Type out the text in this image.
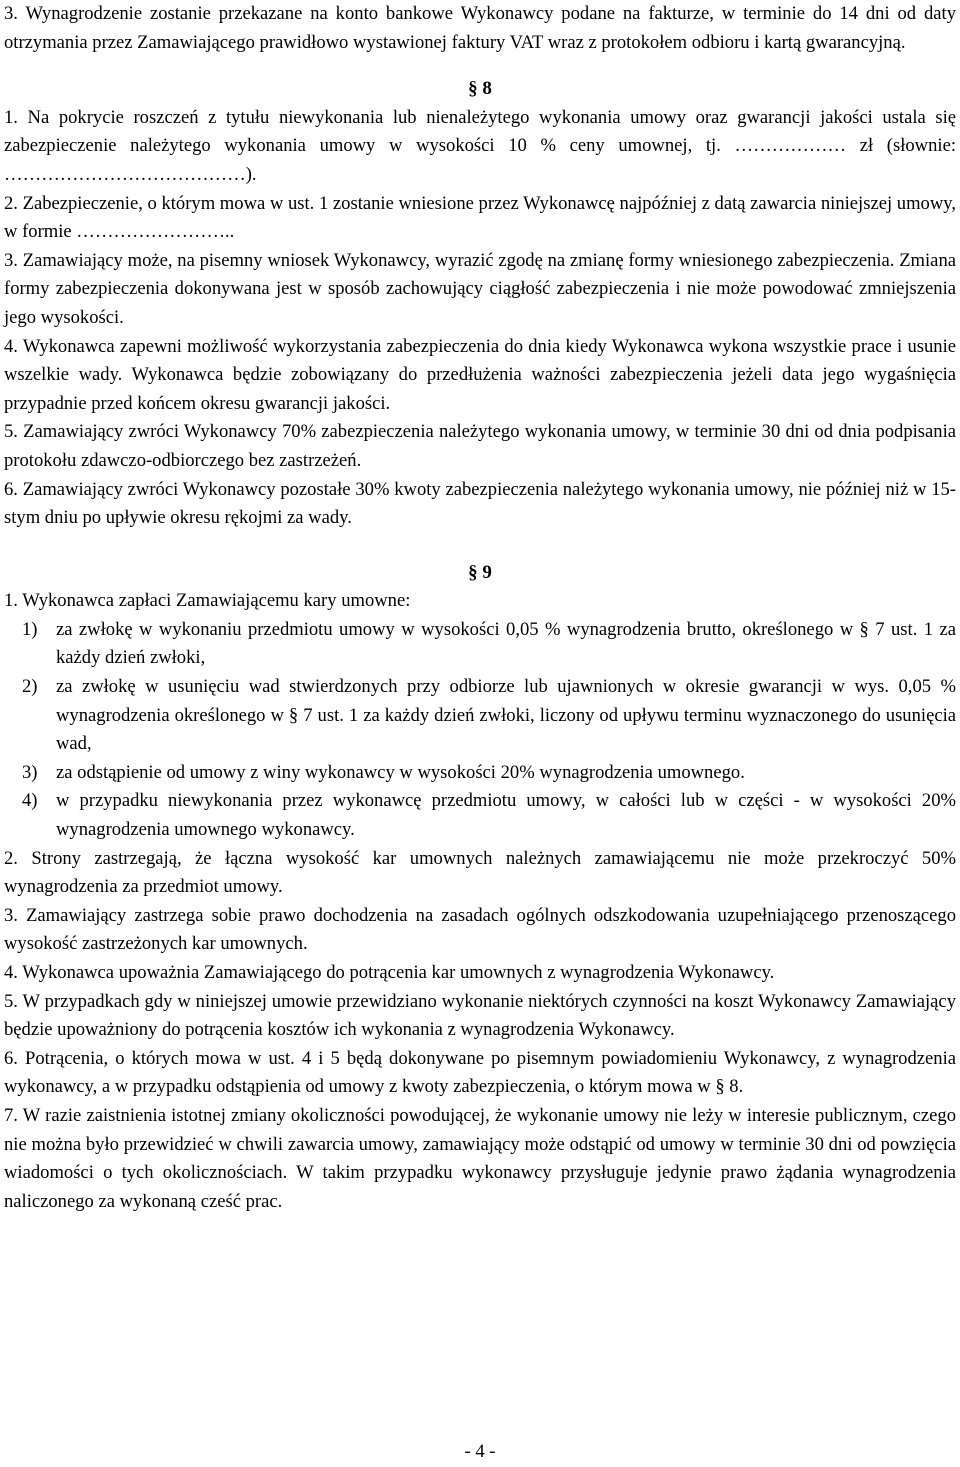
3. Wynagrodzenie zostanie przekazane na konto bankowe Wykonawcy podane na fakturze, w terminie do 14 dni od daty otrzymania przez Zamawiającego prawidłowo wystawionej faktury VAT wraz z protokołem odbioru i kartą gwarancyjną.

§ 8

1. Na pokrycie roszczeń z tytułu niewykonania lub nienależytego wykonania umowy oraz gwarancji jakości ustala się zabezpieczenie należytego wykonania umowy w wysokości 10 % ceny umownej, tj. ……………… zł (słownie: …………………………………).

2. Zabezpieczenie, o którym mowa w ust. 1 zostanie wniesione przez Wykonawcę najpóźniej z datą zawarcia niniejszej umowy, w formie ……………………..

3. Zamawiający może, na pisemny wniosek Wykonawcy, wyrazić zgodę na zmianę formy wniesionego zabezpieczenia. Zmiana formy zabezpieczenia dokonywana jest w sposób zachowujący ciągłość zabezpieczenia i nie może powodować zmniejszenia jego wysokości.

4. Wykonawca zapewni możliwość wykorzystania zabezpieczenia do dnia kiedy Wykonawca wykona wszystkie prace i usunie wszelkie wady. Wykonawca będzie zobowiązany do przedłużenia ważności zabezpieczenia jeżeli data jego wygaśnięcia przypadnie przed końcem okresu gwarancji jakości.

5. Zamawiający zwróci Wykonawcy 70% zabezpieczenia należytego wykonania umowy, w terminie 30 dni od dnia podpisania protokołu zdawczo-odbiorczego bez zastrzeżeń.

6. Zamawiający zwróci Wykonawcy pozostałe 30% kwoty zabezpieczenia należytego wykonania umowy, nie później niż w 15-stym dniu po upływie okresu rękojmi za wady.

§ 9

1. Wykonawca zapłaci Zamawiającemu kary umowne:

1) za zwłokę w wykonaniu przedmiotu umowy w wysokości 0,05 % wynagrodzenia brutto, określonego w § 7 ust. 1 za każdy dzień zwłoki,
2) za zwłokę w usunięciu wad stwierdzonych przy odbiorze lub ujawnionych w okresie gwarancji w wys. 0,05 % wynagrodzenia określonego w § 7 ust. 1 za każdy dzień zwłoki, liczony od upływu terminu wyznaczonego do usunięcia wad,
3) za odstąpienie od umowy z winy wykonawcy w wysokości 20% wynagrodzenia umownego.
4) w przypadku niewykonania przez wykonawcę przedmiotu umowy, w całości lub w części - w wysokości 20% wynagrodzenia umownego wykonawcy.

2. Strony zastrzegają, że łączna wysokość kar umownych należnych zamawiającemu nie może przekroczyć 50% wynagrodzenia za przedmiot umowy.

3. Zamawiający zastrzega sobie prawo dochodzenia na zasadach ogólnych odszkodowania uzupełniającego przenoszącego wysokość zastrzeżonych kar umownych.

4. Wykonawca upoważnia Zamawiającego do potrącenia kar umownych z wynagrodzenia Wykonawcy.

5. W przypadkach gdy w niniejszej umowie przewidziano wykonanie niektórych czynności na koszt Wykonawcy Zamawiający będzie upoważniony do potrącenia kosztów ich wykonania z wynagrodzenia Wykonawcy.

6. Potrącenia, o których mowa w ust. 4 i 5 będą dokonywane po pisemnym powiadomieniu Wykonawcy, z wynagrodzenia wykonawcy, a w przypadku odstąpienia od umowy z kwoty zabezpieczenia, o którym mowa w § 8.

7. W razie zaistnienia istotnej zmiany okoliczności powodującej, że wykonanie umowy nie leży w interesie publicznym, czego nie można było przewidzieć w chwili zawarcia umowy, zamawiający może odstąpić od umowy w terminie 30 dni od powzięcia wiadomości o tych okolicznościach. W takim przypadku wykonawcy przysługuje jedynie prawo żądania wynagrodzenia naliczonego za wykonaną cześć prac.

- 4 -
